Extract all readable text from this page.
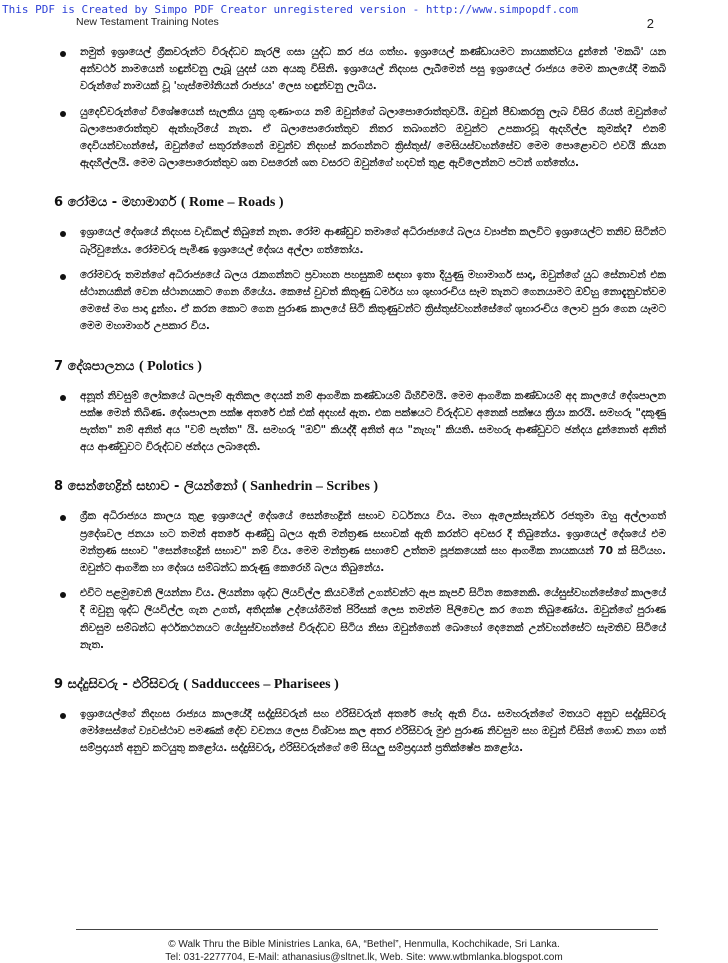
This PDF is Created by Simpo PDF Creator unregistered version - http://www.simpopdf.com
New Testament Training Notes	2

නමුත් ඉශ්‍රායෙල් ග්‍රීකවරුන්ට විරුද්ධව කැරලි ගසා යුද්ධ කර ජය ගත්හ. ඉශ්‍රායෙල් කණ්ඩායමට නායකත්වය දුන්නේ 'මකබි' යන අන්වර්ථ නාමයෙන් හඳුන්වනු ලැබූ යුදස් යන අයකු විසිනි. ඉශ්‍රායෙල් නිදහස ලැබීමෙන් පසු ඉශ්‍රායෙල් රාජ්‍යය මෙම කාලයේදී මකබි වරුන්ගේ නාමයක් වූ 'හැස්මෝනියන් රාජ්‍යය' ලෙස හඳුන්වනු ලැබිය.

යුදෙව්වරුන්ගේ විශේෂයෙන් සැලකිය යුතු ගුණාංගය නම් ඔවුන්ගේ බලාපොරොත්තුවයි. ඔවුන් පීඩාකරනු ලැබ විසිර ගියත් ඔවුන්ගේ බලාපොරොත්තුව ඇත්හැරියේ නැත. ඒ බලාපොරොත්තුව නිතර තබාගන්ට ඔවුන්ට උපකාරවූ ඇදහිල්ල කුමක්ද? එනම් දෙවියන්වහන්සේ, ඔවුන්ගේ සතුරන්ගෙන් ඔවුන්ව නිදහස් කරගන්නට ක්‍රිස්තුස්/ මෙසියස්වහන්සේව මෙම පොළොවට එවයි කියන ඇදහිල්ලයි. මෙම බලාපොරොත්තුව ශත වසරෙන් ශත වසරට ඔවුන්ගේ හදවත් තුළ ඇවිලෙන්නට පටන් ගත්තේය.

6 රෝමය - මහාමාර්ග ( Rome – Roads )

ඉශ්‍රායෙල් දේශයේ නිදහස වැඩිකල් තිබුනේ නැත. රෝම ආණ්ඩුව තමාගේ අධිරාජ්‍යයේ බලය ව්‍යාප්ත කලවිට ඉශ්‍රායෙල්ට තනිව සිටින්ට බැරිවුනේය. රෝමවරු පැමිණ ඉශ්‍රායෙල් දේශය අල්ලා ගත්තෝය.

රෝමවරු තමන්ගේ අධිරාජ්‍යයේ බලය රැකගන්නට ප්‍රවාහන පහසුකම් සඳහා ඉතා දියුණු මහාමාර්ග සාදා, ඔවුන්ගේ යුධ සේනාවන් එක ස්ථානයකින් වෙන ස්ථානයකට ගෙන ගියේය. කෙසේ වුවත් කිතුණු ධර්මය හා ශුභාරංචිය සෑම තැනට ගෙනයාමට ඔව්හු නොදැනුවත්වම මෙසේ මග පාදා දුන්හ. ඒ කරන කොට ගෙන පුරාණ කාලයේ සිටි කිතුණුවන්ට ක්‍රිස්තුස්වහන්සේගේ ශුභාරංචිය ලොව පුරා ගෙන යෑමට මෙම මහාමාර්ග උපකාර විය.

7 දේශපාලනය ( Polotics )

අනූත් නිවසුම් ලෝකයේ බලපෑම් ඇතිකල දෙයක් නම් ආගමික කණ්ඩායම් බිහිවීමයි. මෙම ආගමික කණ්ඩායම් අද කාලයේ දේශපාලන පක්ෂ මෙන් තිබිණ. දේශපාලන පක්ෂ අතරේ එක් එක් අදහස් ඇත. එක පක්ෂයට විරුද්ධව අනෙක් පක්ෂය ක්‍රියා කරයි. සමහරු "දකුණු පැත්ත" නම් අනිත් අය "වම් පැත්ත" යි. සමහරු "ඔව්" කියද්දී අනිත් අය "නැහැ" කියති. සමහරු ආණ්ඩුවට ඡන්දය දුන්නොත් අනිත් අය ආණ්ඩුවට විරුද්ධව ඡන්දය ලබාදෙති.

8 සෙන්හෙද්‍රින් සභාව - ලියන්නෝ ( Sanhedrin – Scribes )

ග්‍රීක අධිරාජ්‍යය කාලය තුළ ඉශ්‍රායෙල් දේශයේ සෙන්හෙද්‍රින් සභාව වර්ධනය විය. මහා ඇලෙක්සැන්ඩර් රජතුමා ඔහු අල්ලාගත් ප්‍රදේශවල ජනයා හට තමන් අතරේ ආණ්ඩු බලය ඇති මන්ත්‍රණ සභාවක් ඇති කරන්ට අවසර දී තිබුනේය. ඉශ්‍රායෙල් දේශයේ එම මන්ත්‍රණ සභාව "සෙන්හෙද්‍රින් සභාව" නම් විය. මෙම මන්ත්‍රණ සභාවේ උත්තම පූජකයෙක් සහ ආගමික නායකයන් 70 ක් සිටියහ. ඔවුන්ට ආගමික හා දේශය සම්බන්ධ කරුණු කෙරෙහි බලය තිබුනේය.

එවිට පළමුවෙනි ලියන්නා විය. ලියන්නා ශුද්ධ ලියවිල්ල කියවමින් උගන්වන්ට ඇප කැපවී සිටින කෙනෙකි. යේසුස්වහන්සේගේ කාලයේ දී ඔවුනු ශුද්ධ ලියවිල්ල ගැන උගත්, අතිදක්ෂ උද්යෝගිමත් පිරිසක් ලෙස තමන්ම පිලිවෙල කර ගෙන තිබුණෝය. ඔවුන්ගේ පුරාණ නිවසුම සම්බන්ධ අර්ථකථනයට යේසුස්වහන්සේ විරුද්ධව සිටිය නිසා ඔවුන්ගෙන් බොහෝ දෙනෙක් උන්වහන්සේට සැමතිව සිටියේ නැත.

9 සද්දුසිවරු - ඵරිසිවරු ( Sadduccees – Pharisees )

ඉශ්‍රායෙල්ගේ නිදහස රාජ්‍යය කාලයේදී සද්දුසිවරුන් සහ ඵරිසිවරුන් අතරේ භේද ඇති විය. සමහරුන්ගේ මතයට අනුව සද්දුසිවරු මෝසෙස්ගේ ව්‍යවස්ථාව පමණක් දේව වචනය ලෙස විශ්වාස කල අතර ඵරිසිවරු මුළු පුරාණ නිවසුම සහ ඔවුන් විසින් ගොඩ නගා ගත් සම්ප්‍රදායන් අනුව කටයුතු කළෝය. සද්දුසිවරු, ඵරිසිවරුන්ගේ මේ සියලු සම්ප්‍රදායන් ප්‍රතික්ෂේප කළෝය.

© Walk Thru the Bible Ministries Lanka, 6A, “Bethel”, Henmulla, Kochchikade, Sri Lanka.
Tel: 031-2277704, E-Mail: athanasius@sltnet.lk, Web. Site: www.wtbmlanka.blogspot.com
